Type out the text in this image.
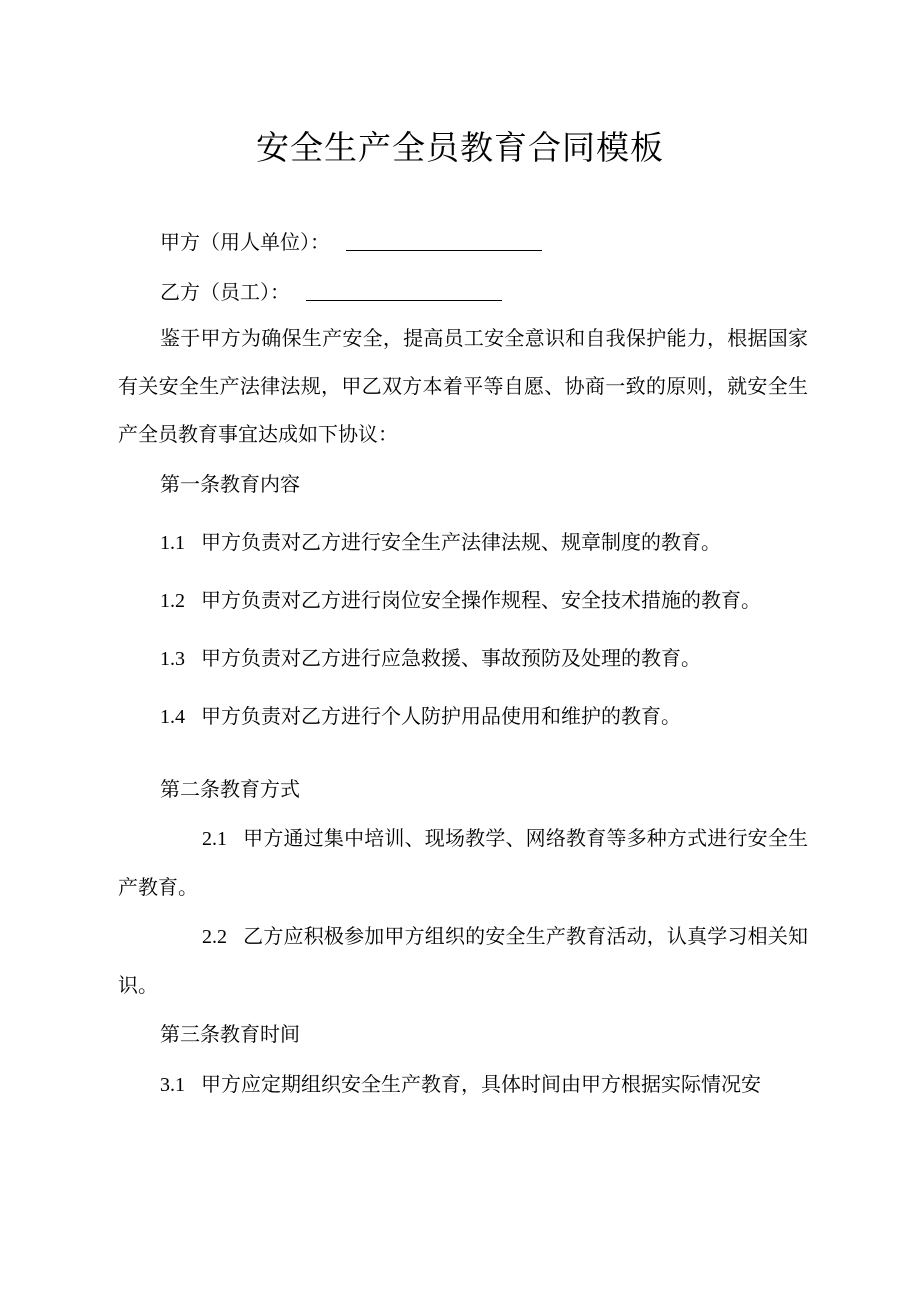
安全生产全员教育合同模板
甲方（用人单位）：
乙方（员工）：

鉴于甲方为确保生产安全，提高员工安全意识和自我保护能力，根据国家有关安全生产法律法规，甲乙双方本着平等自愿、协商一致的原则，就安全生产全员教育事宜达成如下协议：

第一条教育内容

1.1 甲方负责对乙方进行安全生产法律法规、规章制度的教育。

1.2 甲方负责对乙方进行岗位安全操作规程、安全技术措施的教育。

1.3 甲方负责对乙方进行应急救援、事故预防及处理的教育。

1.4 甲方负责对乙方进行个人防护用品使用和维护的教育。

第二条教育方式

2.1 甲方通过集中培训、现场教学、网络教育等多种方式进行安全生产教育。

2.2 乙方应积极参加甲方组织的安全生产教育活动，认真学习相关知识。

第三条教育时间

3.1 甲方应定期组织安全生产教育，具体时间由甲方根据实际情况安
